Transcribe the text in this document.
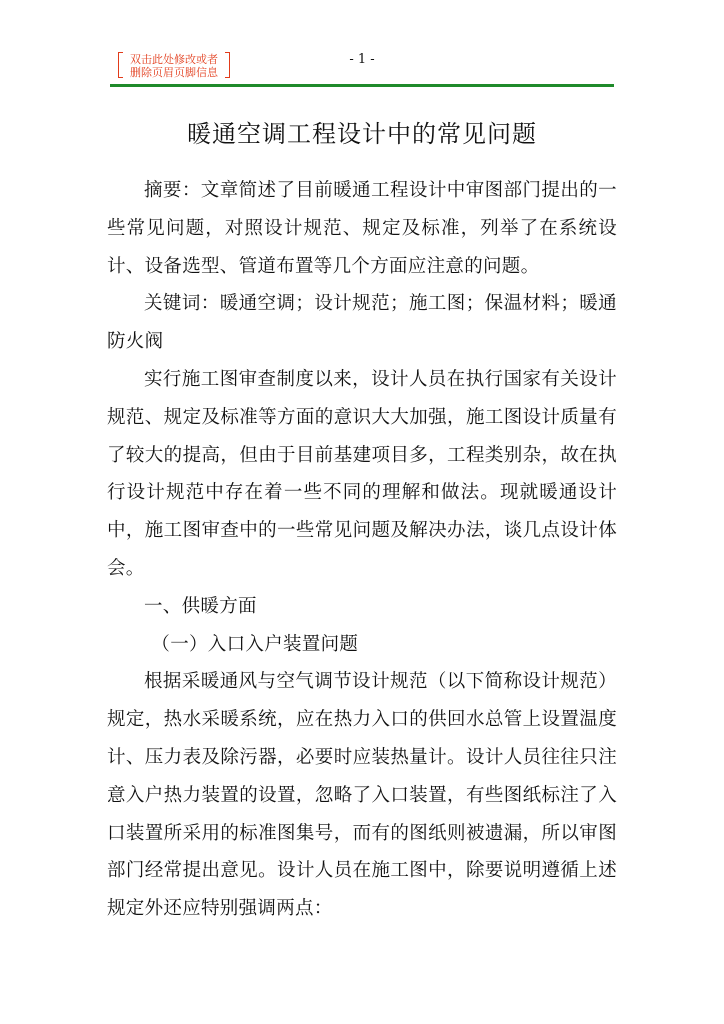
双击此处修改或者
删除页眉页脚信息
- 1 -
暖通空调工程设计中的常见问题

摘要：文章简述了目前暖通工程设计中审图部门提出的一些常见问题，对照设计规范、规定及标准，列举了在系统设计、设备选型、管道布置等几个方面应注意的问题。

关键词：暖通空调；设计规范；施工图；保温材料；暖通防火阀

实行施工图审查制度以来，设计人员在执行国家有关设计规范、规定及标准等方面的意识大大加强，施工图设计质量有了较大的提高，但由于目前基建项目多，工程类别杂，故在执行设计规范中存在着一些不同的理解和做法。现就暖通设计中，施工图审查中的一些常见问题及解决办法，谈几点设计体会。

一、供暖方面

（一）入口入户装置问题

根据采暖通风与空气调节设计规范（以下简称设计规范）规定，热水采暖系统，应在热力入口的供回水总管上设置温度计、压力表及除污器，必要时应装热量计。设计人员往往只注意入户热力装置的设置，忽略了入口装置，有些图纸标注了入口装置所采用的标准图集号，而有的图纸则被遗漏，所以审图部门经常提出意见。设计人员在施工图中，除要说明遵循上述规定外还应特别强调两点：
